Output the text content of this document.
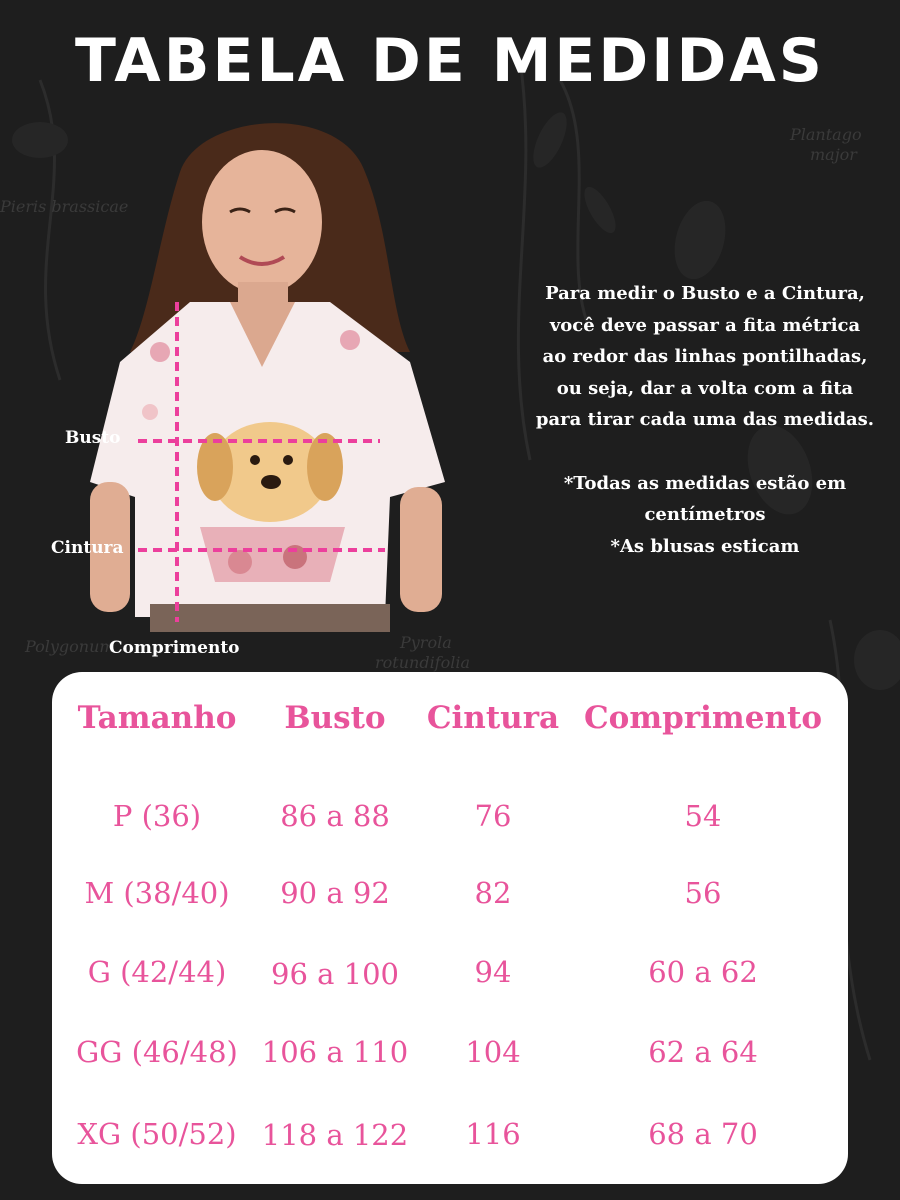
Plantago
major
Pieris brassicae
Polygonum	Pyrola
rotundifolia
TABELA DE MEDIDAS
Busto
Cintura
Comprimento

Para medir o Busto e a Cintura,

você deve passar a fita métrica

ao redor das linhas pontilhadas,

ou seja, dar a volta com a fita

para tirar cada uma das medidas.

*Todas as medidas estão em

centímetros

*As blusas esticam

Tamanho	Busto	Cintura Comprimento
P (36)	86 a 88	76	54
M (38/40)	90 a 92	82	56
G (42/44)	96 a 100	94	60 a 62
GG (46/48) 106 a 110	104	62 a 64
XG (50/52) 118 a 122	116	68 a 70
